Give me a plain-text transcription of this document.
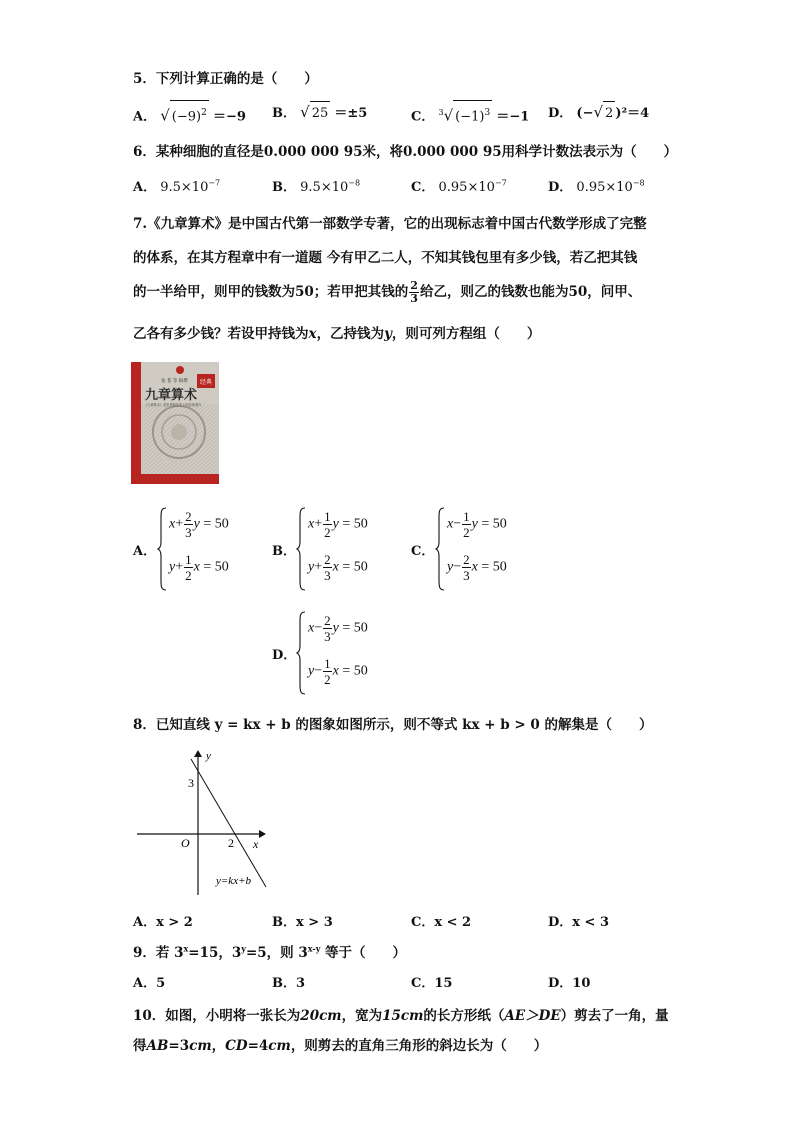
5．下列计算正确的是（　　）
A． √ $(-9)^2 =-9$ B． √ 25 ＝±5	C． $^3$√ $(-1)^3 =-1$ D． (−√ 2 )²＝4
6．某种细胞的直径是0.000 000 95米，将0.000 000 95用科学计数法表示为（　　）
A． $9.5\times 10^{-7}$	B． $9.5\times 10^{-8}$	C． $0.95\times 10^{-7}$	D． $0.95\times 10^{-8}$
7.《九章算术》是中国古代第一部数学专著，它的出现标志着中国古代数学形成了完整
的体系，在其方程章中有一道题 今有甲乙二人，不知其钱包里有多少钱，若乙把其钱
的一半给甲，则甲的钱数为50；若甲把其钱的 $\frac{2}{3}$ 给乙，则乙的钱数也能为50，问甲、
乙各有多少钱？若设甲持钱为x，乙持钱为y，则可列方程组（　　）
经典
张 苍 等 辑撰
九章算术
《九章算术》是世界数学史上的经典著作
A．
$x+ \frac{2}{3}$ y = 50
$y+ \frac{1}{2}$ x = 50
B．
$x+ \frac{1}{2}$ y = 50
$y+ \frac{2}{3}$ x = 50
C．
$x- \frac{1}{2}$ y = 50
$y- \frac{2}{3}$ x = 50
D．
$x- \frac{2}{3}$ y = 50
$y- \frac{1}{2}$ x = 50
8．已知直线 y = kx + b 的图象如图所示，则不等式 kx + b > 0 的解集是（　　）
y
x
O
3
2
y=kx+b
A．x > 2	B．x > 3	C．x < 2	D．x < 3
9．若 $3^x=15$，$3^y=5$，则 3$^{x-y}$ 等于（　　）
A．5	B．3	C．15	D．10
10．如图，小明将一张长为20cm，宽为15cm的长方形纸（AE＞DE）剪去了一角，量
得AB=3cm，CD=4cm，则剪去的直角三角形的斜边长为（　　）
